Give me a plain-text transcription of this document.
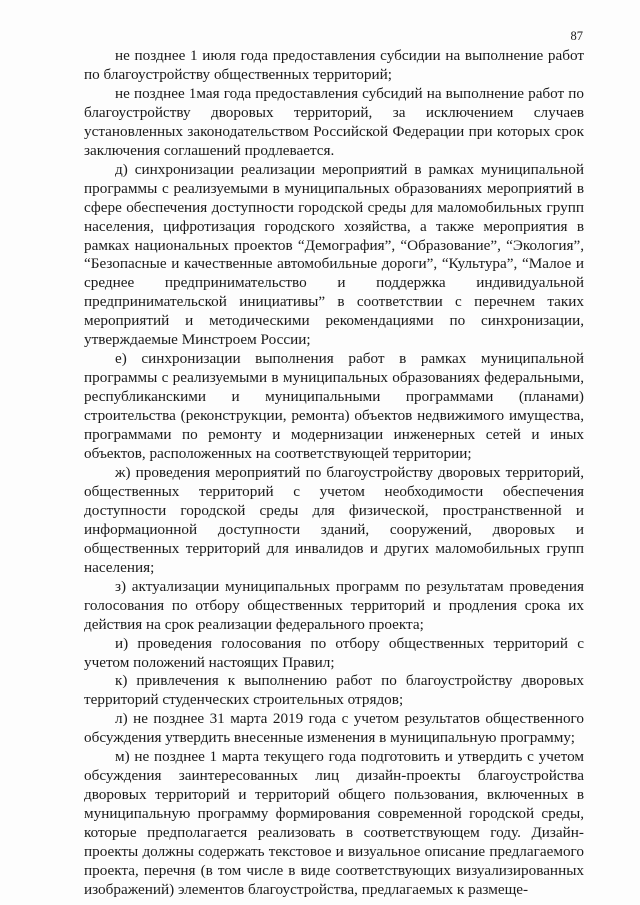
87

не позднее 1 июля года предоставления субсидии на выполнение работ по благоустройству общественных территорий;

не позднее 1мая года предоставления субсидий на выполнение работ по благоустройству дворовых территорий, за исключением случаев установленных законодательством Российской Федерации при которых срок заключения соглашений продлевается.

д) синхронизации реализации мероприятий в рамках муниципальной программы с реализуемыми в муниципальных образованиях мероприятий в сфере обеспечения доступности городской среды для маломобильных групп населения, цифротизация городского хозяйства, а также мероприятия в рамках национальных проектов “Демография”, “Образование”, “Экология”, “Безопасные и качественные автомобильные дороги”, “Культура”, “Малое и среднее предпринимательство и поддержка индивидуальной предпринимательской инициативы” в соответствии с перечнем таких мероприятий и методическими рекомендациями по синхронизации, утверждаемые Минстроем России;

е) синхронизации выполнения работ в рамках муниципальной программы с реализуемыми в муниципальных образованиях федеральными, республиканскими и муниципальными программами (планами) строительства (реконструкции, ремонта) объектов недвижимого имущества, программами по ремонту и модернизации инженерных сетей и иных объектов, расположенных на соответствующей территории;

ж) проведения мероприятий по благоустройству дворовых территорий, общественных территорий с учетом необходимости обеспечения доступности городской среды для физической, пространственной и информационной доступности зданий, сооружений, дворовых и общественных территорий для инвалидов и других маломобильных групп населения;

з) актуализации муниципальных программ по результатам проведения голосования по отбору общественных территорий и продления срока их действия на срок реализации федерального проекта;

и) проведения голосования по отбору общественных территорий с учетом положений настоящих Правил;

к) привлечения к выполнению работ по благоустройству дворовых территорий студенческих строительных отрядов;

л) не позднее 31 марта 2019 года с учетом результатов общественного обсуждения утвердить внесенные изменения в муниципальную программу;

м) не позднее 1 марта текущего года подготовить и утвердить с учетом обсуждения заинтересованных лиц дизайн-проекты благоустройства дворовых территорий и территорий общего пользования, включенных в муниципальную программу формирования современной городской среды, которые предполагается реализовать в соответствующем году. Дизайн-проекты должны содержать текстовое и визуальное описание предлагаемого проекта, перечня (в том числе в виде соответствующих визуализированных изображений) элементов благоустройства, предлагаемых к размеще-
